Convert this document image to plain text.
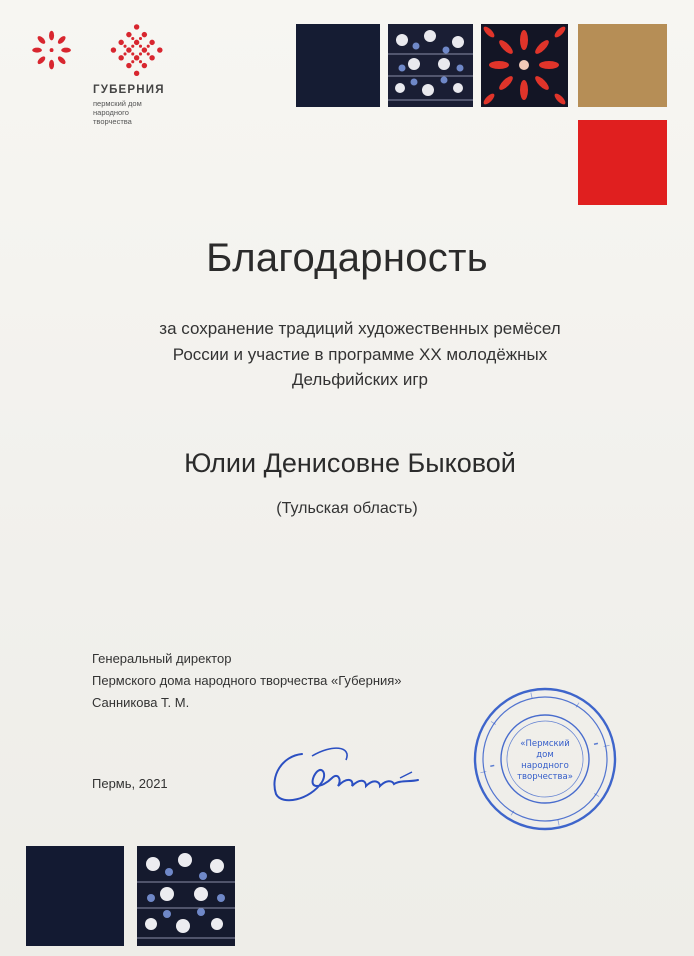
ГУБЕРНИЯ
пермский дом
народного
творчества
Благодарность
за сохранение традиций художественных ремёсел
России и участие в программе XX молодёжных
Дельфийских игр
Юлии Денисовне Быковой
(Тульская область)
Генеральный директор
Пермского дома народного творчества «Губерния»
Санникова Т. М.
Пермь, 2021
«Пермский
дом
народного
творчества»
